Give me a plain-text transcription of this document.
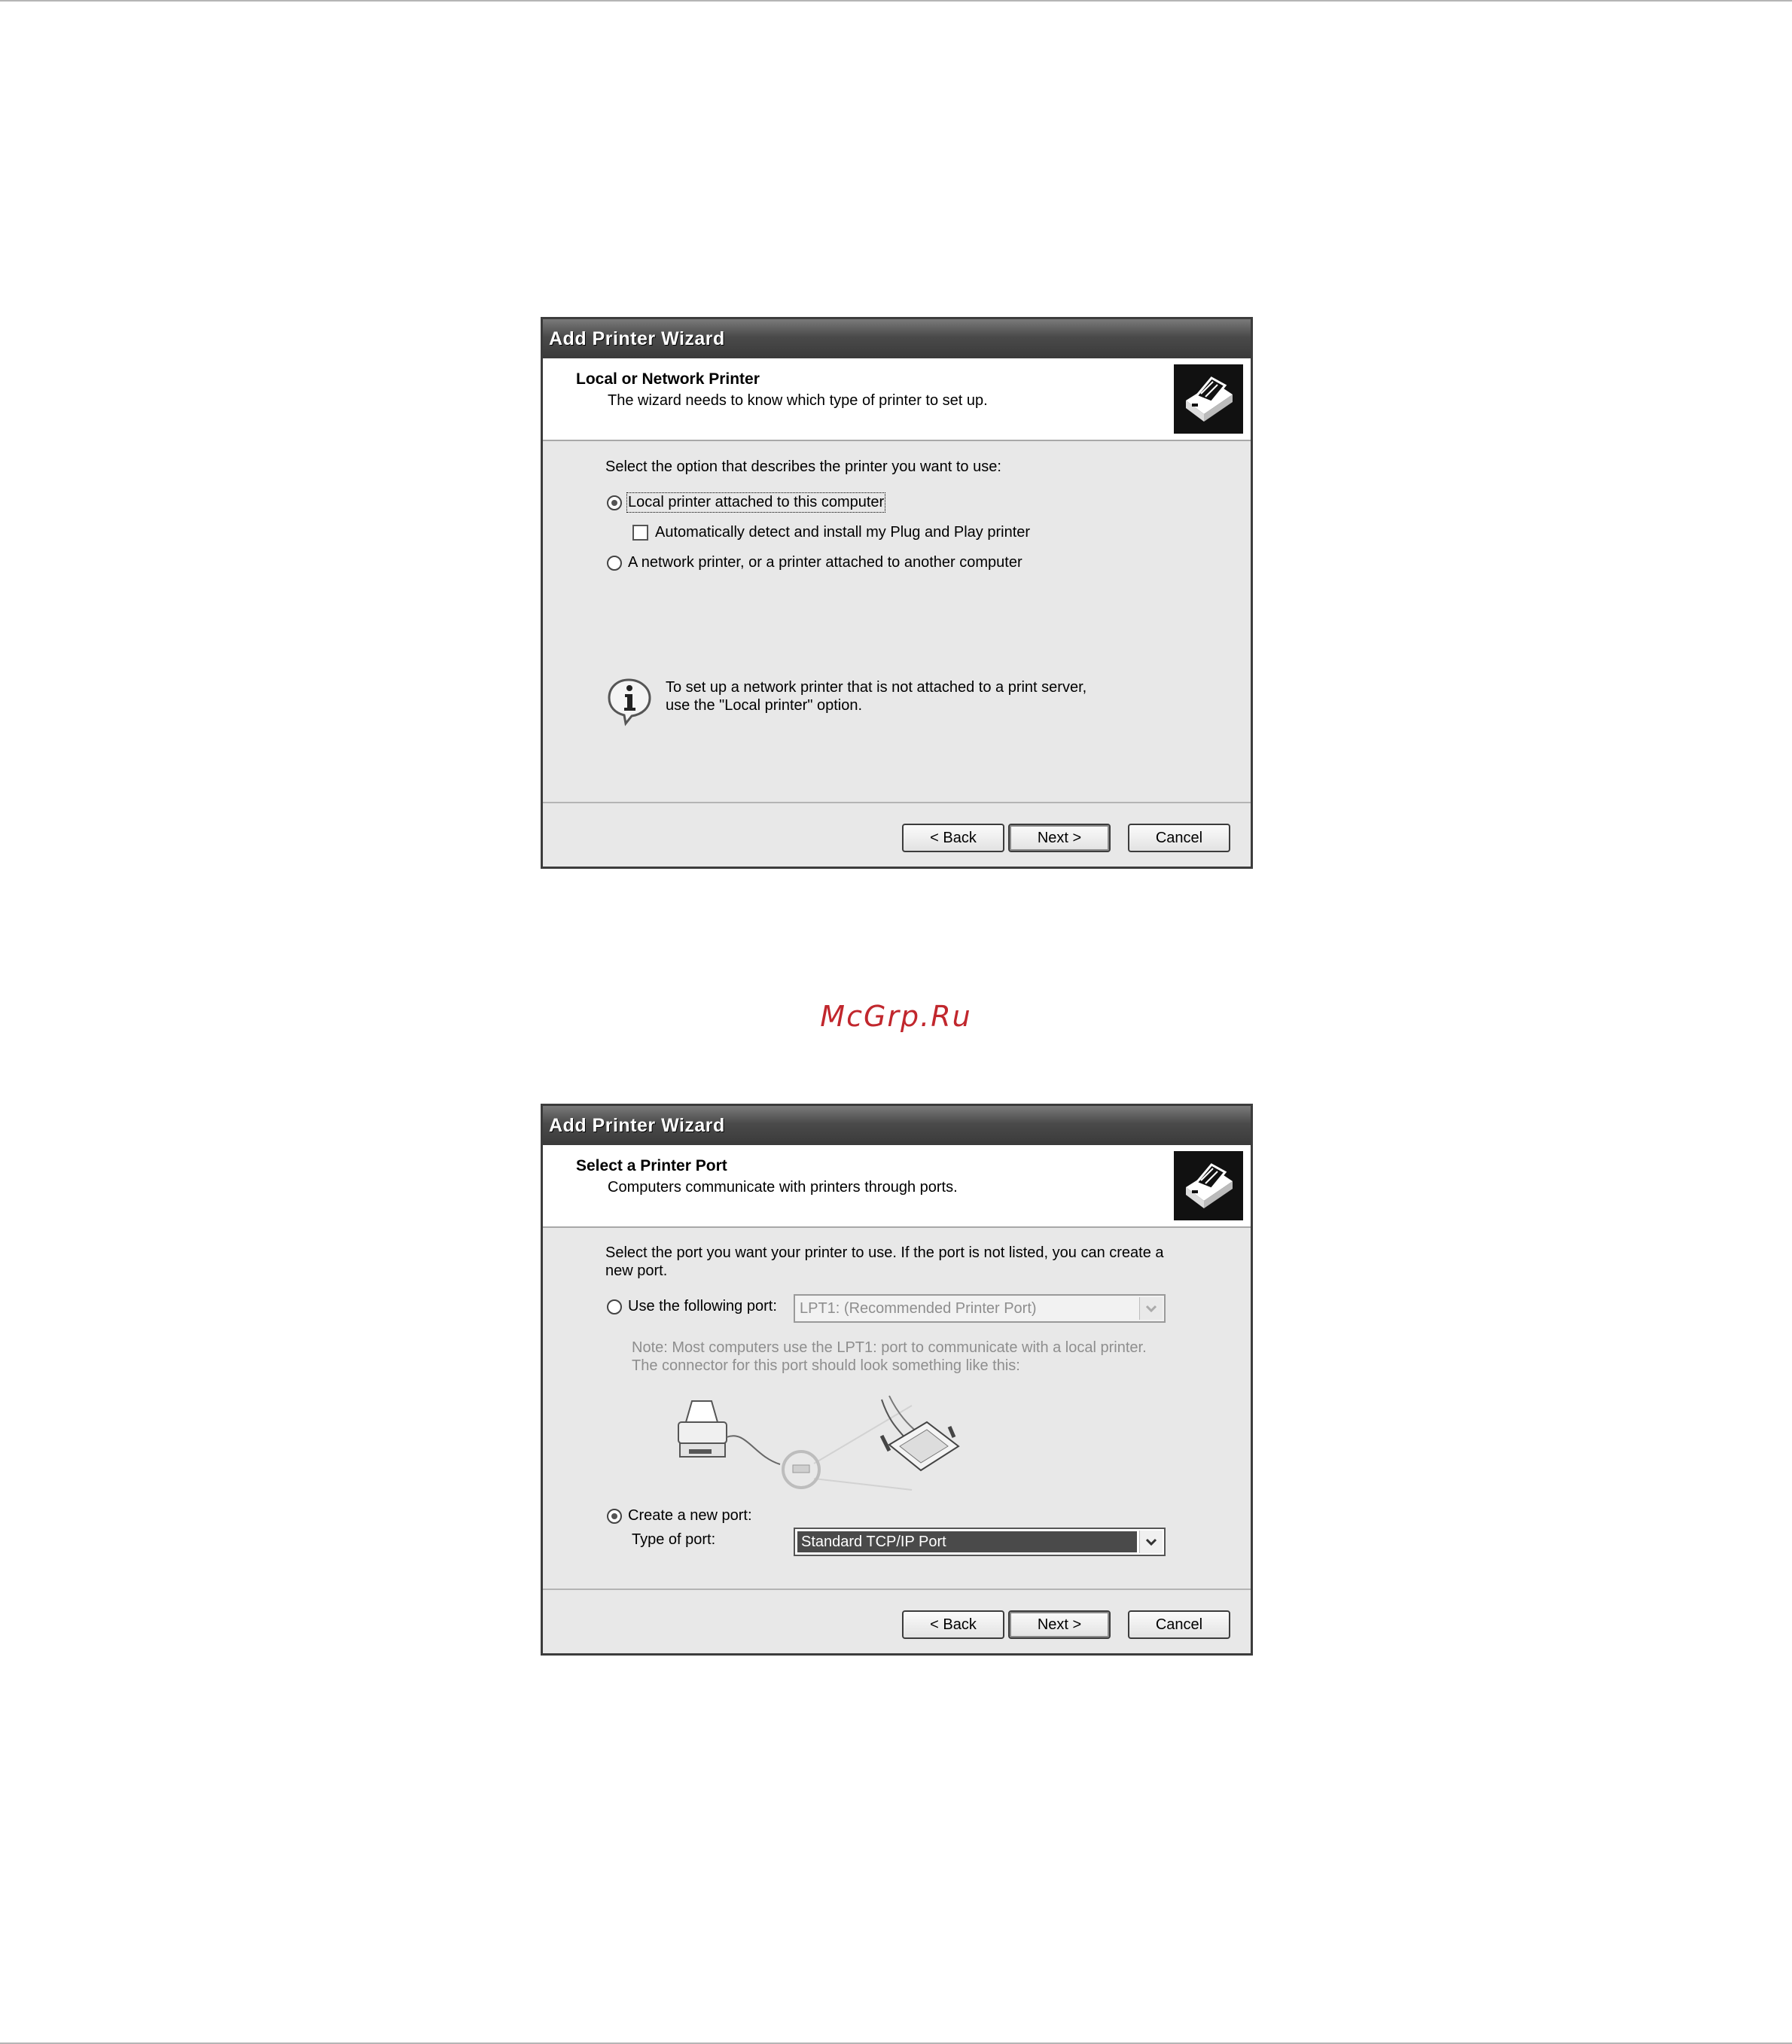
Add Printer Wizard
Local or Network Printer
The wizard needs to know which type of printer to set up.
Select the option that describes the printer you want to use:
Local printer attached to this computer
Automatically detect and install my Plug and Play printer
A network printer, or a printer attached to another computer
To set up a network printer that is not attached to a print server,
use the "Local printer" option.
< Back	Next >	Cancel
McGrp.Ru
Add Printer Wizard
Select a Printer Port
Computers communicate with printers through ports.
Select the port you want your printer to use. If the port is not listed, you can create a
new port.
Use the following port: LPT1: (Recommended Printer Port)
Note: Most computers use the LPT1: port to communicate with a local printer.
The connector for this port should look something like this:
Create a new port:
Type of port:	Standard TCP/IP Port
< Back	Next >	Cancel
